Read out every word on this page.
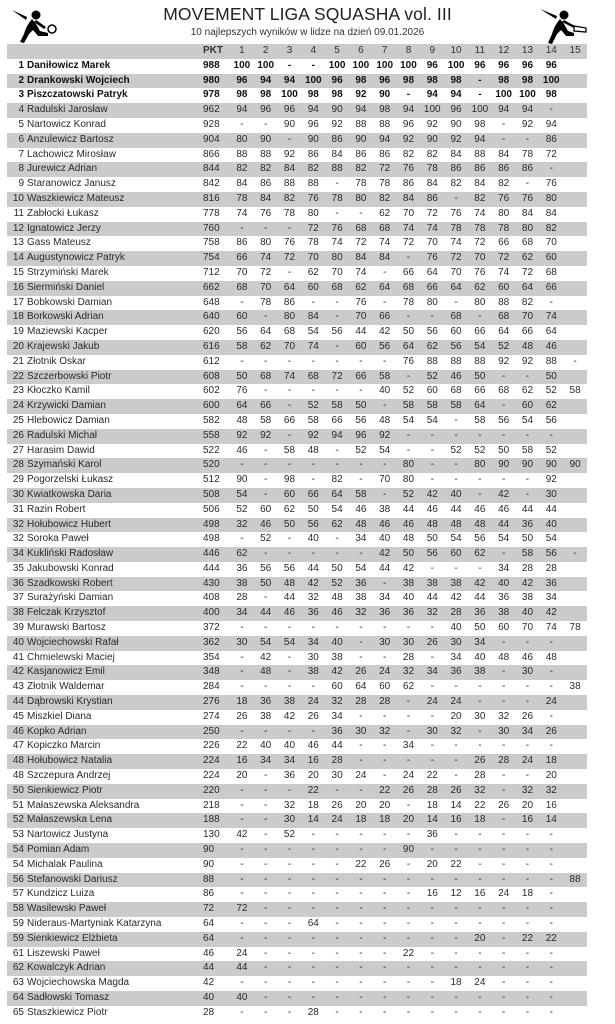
MOVEMENT LIGA SQUASHA vol. III
10 najlepszych wyników w lidze na dzień 09.01.2026
	PKT	1	2	3	4	5	6	7	8	9	10	11	12	13	14	15
1 Daniłowicz Marek	988	100	100	-	-	100	100	100	100	96	100	96	96	96	96	
2 Drankowski Wojciech	980	96	94	94	100	96	98	96	98	98	98	-	98	98	100	
3 Piszczatowski Patryk	978	98	98	100	98	98	92	90	-	94	94	-	100	100	98	
4 Radulski Jarosław	962	94	96	96	94	90	94	98	94	100	96	100	94	94	-	
5 Nartowicz Konrad	928	-	-	90	96	92	88	88	96	92	90	98	-	92	94	
6 Anzulewicz Bartosz	904	80	90	-	90	86	90	94	92	90	92	94	-	-	86	
7 Lachowicz Mirosław	866	88	88	92	86	84	86	86	82	82	84	88	84	78	72	
8 Jurewicz Adrian	844	82	82	84	82	88	82	72	76	78	86	86	86	86	-	
9 Staranowicz Janusz	842	84	86	88	88	-	78	78	86	84	82	84	82	-	76	
10 Waszkiewicz Mateusz	816	78	84	82	76	78	80	82	84	86	-	82	76	76	80	
11 Zabłocki Łukasz	778	74	76	78	80	-	-	62	70	72	76	74	80	84	84	
12 Ignatowicz Jerzy	760	-	-	-	72	76	68	68	74	74	78	78	78	80	82	
13 Gass Mateusz	758	86	80	76	78	74	72	74	72	70	74	72	66	68	70	
14 Augustynowicz Patryk	754	66	74	72	70	80	84	84	-	76	72	70	72	62	60	
15 Strzymiński Marek	712	70	72	-	62	70	74	-	66	64	70	76	74	72	68	
16 Siermiński Daniel	662	68	70	64	60	68	62	64	68	66	64	62	60	64	66	
17 Bobkowski Damian	648	-	78	86	-	-	76	-	78	80	-	80	88	82	-	
18 Borkowski Adrian	640	60	-	80	84	-	70	66	-	-	68	-	68	70	74	
19 Maziewski Kacper	620	56	64	68	54	56	44	42	50	56	60	66	64	66	64	
20 Krajewski Jakub	616	58	62	70	74	-	60	56	64	62	56	54	52	48	46	
21 Złotnik Oskar	612	-	-	-	-	-	-	-	76	88	88	88	92	92	88	-
22 Szczerbowski Piotr	608	50	68	74	68	72	66	58	-	52	46	50	-	-	50	
23 Kłoczko Kamil	602	76	-	-	-	-	-	40	52	60	68	66	68	62	52	58
24 Krzywicki Damian	600	64	66	-	52	58	50	-	58	58	58	64	-	60	62	
25 Hlebowicz Damian	582	48	58	66	58	66	56	48	54	54	-	58	56	54	56	
26 Radulski Michał	558	92	92	-	92	94	96	92	-	-	-	-	-	-	-	
27 Harasim Dawid	522	46	-	58	48	-	52	54	-	-	52	52	50	58	52	
28 Szymański Karol	520	-	-	-	-	-	-	-	80	-	-	80	90	90	90	90
29 Pogorzelski Łukasz	512	90	-	98	-	82	-	70	80	-	-	-	-	-	92	
30 Kwiatkowska Daria	508	54	-	60	66	64	58	-	52	42	40	-	42	-	30	
31 Razin Robert	506	52	60	62	50	54	46	38	44	46	44	46	46	44	44	
32 Hołubowicz Hubert	498	32	46	50	56	62	48	46	46	48	48	48	44	36	40	
32 Soroka Paweł	498	-	52	-	40	-	34	40	48	50	54	56	54	50	54	
34 Kukliński Radosław	446	62	-	-	-	-	-	42	50	56	60	62	-	58	56	-
35 Jakubowski Konrad	444	36	56	56	44	50	54	44	42	-	-	-	34	28	28	
36 Szadkowski Robert	430	38	50	48	42	52	36	-	38	38	38	42	40	42	36	
37 Surażyński Damian	408	28	-	44	32	48	38	34	40	44	42	44	36	38	34	
38 Felczak Krzysztof	400	34	44	46	36	46	32	36	36	32	28	36	38	40	42	
39 Murawski Bartosz	372	-	-	-	-	-	-	-	-	-	40	50	60	70	74	78
40 Wojciechowski Rafał	362	30	54	54	34	40	-	30	30	26	30	34	-	-	-	
41 Chmielewski Maciej	354	-	42	-	30	38	-	-	28	-	34	40	48	46	48	
42 Kasjanowicz Emil	348	-	48	-	38	42	26	24	32	34	36	38	-	30	-	
43 Złotnik Waldemar	284	-	-	-	-	60	64	60	62	-	-	-	-	-	-	38
44 Dąbrowski Krystian	276	18	36	38	24	32	28	28	-	24	24	-	-	-	24	
45 Miszkiel Diana	274	26	38	42	26	34	-	-	-	-	20	30	32	26	-	
46 Kopko Adrian	250	-	-	-	-	36	30	32	-	30	32	-	30	34	26	
47 Kopiczko Marcin	226	22	40	40	46	44	-	-	34	-	-	-	-	-	-	
48 Hołubowicz Natalia	224	16	34	34	16	28	-	-	-	-	-	26	28	24	18	
48 Szczepura Andrzej	224	20	-	36	20	30	24	-	24	22	-	28	-	-	20	
50 Sienkiewicz Piotr	220	-	-	-	22	-	-	22	26	28	26	32	-	32	32	
51 Małaszewska Aleksandra	218	-	-	32	18	26	20	20	-	18	14	22	26	20	16	
52 Małaszewska Lena	188	-	-	30	14	24	18	18	20	14	16	18	-	16	14	
53 Nartowicz Justyna	130	42	-	52	-	-	-	-	-	36	-	-	-	-	-	
54 Pomian Adam	90	-	-	-	-	-	-	-	90	-	-	-	-	-	-	
54 Michalak Paulina	90	-	-	-	-	-	22	26	-	20	22	-	-	-	-	
56 Stefanowski Dariusz	88	-	-	-	-	-	-	-	-	-	-	-	-	-	-	88
57 Kundzicz Luiza	86	-	-	-	-	-	-	-	-	16	12	16	24	18	-	
58 Wasilewski Paweł	72	72	-	-	-	-	-	-	-	-	-	-	-	-	-	
59 Nideraus-Martyniak Katarzyna	64	-	-	-	64	-	-	-	-	-	-	-	-	-	-	
59 Sienkiewicz Elżbieta	64	-	-	-	-	-	-	-	-	-	-	20	-	22	22	
61 Liszewski Paweł	46	24	-	-	-	-	-	-	22	-	-	-	-	-	-	
62 Kowalczyk Adrian	44	44	-	-	-	-	-	-	-	-	-	-	-	-	-	
63 Wojciechowska Magda	42	-	-	-	-	-	-	-	-	-	18	24	-	-	-	
64 Sadłowski Tomasz	40	40	-	-	-	-	-	-	-	-	-	-	-	-	-	
65 Staszkiewicz Piotr	28	-	-	-	28	-	-	-	-	-	-	-	-	-	-	
